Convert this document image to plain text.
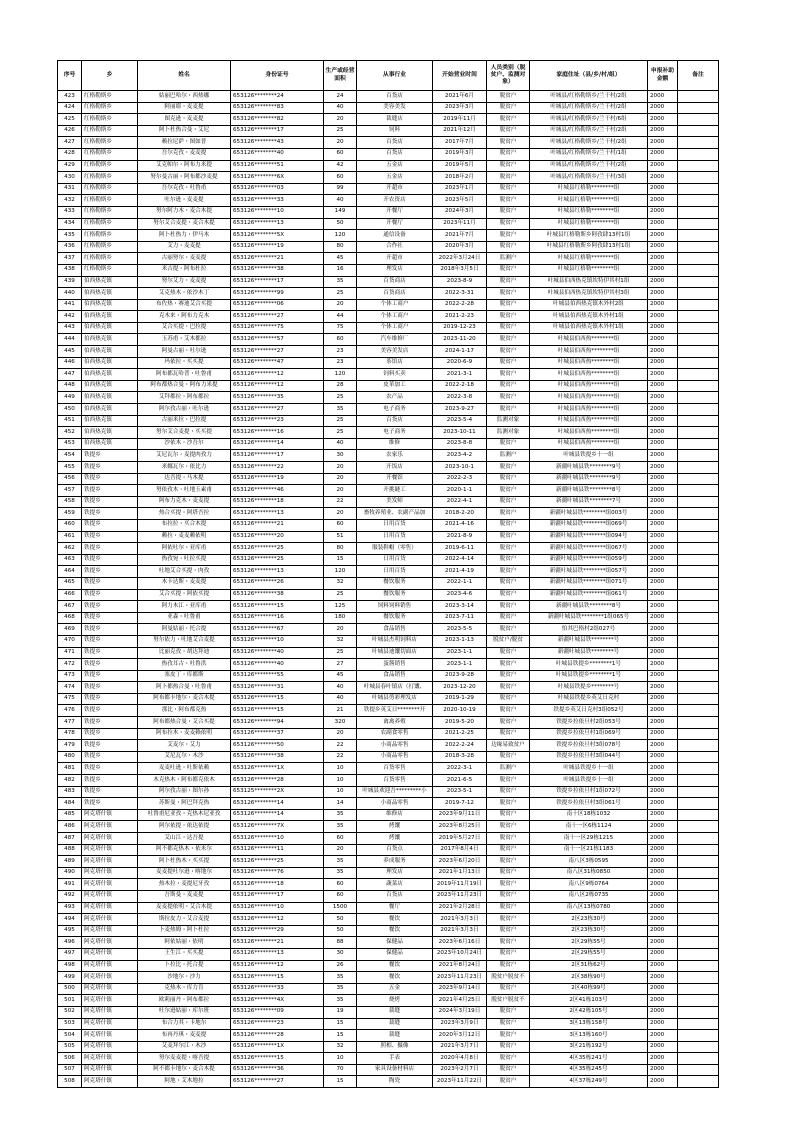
序号	乡	姓名	身份证号	生产或经营面积	从事行业	开始营业时间	人员类别（脱贫户、监测对象）	家庭住址（县/乡/村/组）	申报补助金额	备注
423	红格勒斯乡	姑丽巴哈尔・西热娜	653126********24	24	百货店	2021年6月	脱贫户	叶城县/红格勒斯乡/兰干村/2组	2000	
424	红格勒斯乡	阿丽耶・麦麦提	653126********83	40	美容美发	2023年3月	脱贫户	叶城县/红格勒斯乡/兰干村/2组	2000	
425	红格勒斯乡	图克逊・麦麦提	653126********82	20	裁缝店	2019年11月	脱贫户	叶城县/红格勒斯乡/兰干村/6组	2000	
426	红格勒斯乡	阿卜杜热合曼・艾尼	653126********17	25	饲料	2021年12月	脱贫户	叶城县/红格勒斯乡/兰干村/2组	2000	
427	红格勒斯乡	赖拉尼萨・图如普	653126********43	20	百货店	2017年7月	脱贫户	叶城县/红格勒斯乡/兰干村/2组	2000	
428	红格勒斯乡	吾尔克孜・麦麦提	653126********40	60	百货店	2019年3月	脱贫户	叶城县/红格勒斯乡/兰干村/1组	2000	
429	红格勒斯乡	艾克帕尔・阿布力米提	653126********51	42	五金店	2019年5月	脱贫户	叶城县/红格勒斯乡/兰干村/2组	2000	
430	红格勒斯乡	努尔曼古丽・阿布都沙麦提	653126********6X	60	五金店	2018年2月	脱贫户	叶城县/红格勒斯乡/兰干村/3组	2000	
431	红格勒斯乡	吾尔克孜・吐鲁甫	653126********03	99	开超市	2023年1月	脱贫户	叶城县红格勒********组	2000	
432	红格勒斯乡	吐尔逊・麦麦提	653126********33	40	开农资店	2023年5月	脱贫户	叶城县红格勒********组	2000	
433	红格勒斯乡	努尔阿力木・麦合木提	653126********10	149	开餐厅	2024年3月	脱贫户	叶城县红格勒********组	2000	
434	红格勒斯乡	努尔艾合麦提・麦合木提	653126********13	50	开餐厅	2023年11月	脱贫户	叶城县红格勒********组	2000	
435	红格勒斯乡	阿卜杜热力・伊马木	653126********5X	120	通信设备	2021年7月	脱贫户	叶城县红格勒斯乡阿孜肆13村1组	2000	
436	红格勒斯乡	艾力・麦麦提	653126********19	80	合作社	2020年3月	脱贫户	叶城县红格勒斯乡阿孜肆13村1组	2000	
437	红格勒斯乡	古丽努尔・麦麦提	653126********21	45	开超市	2022年3月24日	监测户	叶城县红格勒********组	2000	
438	红格勒斯乡	米吉提・阿布杜拉	653126********38	16	理发店	2018年3月5日	脱贫户	叶城县红格勒********组	2000	
439	伯西热克镇	努尔艾力・麦麦提	653126********17	35	百货商店	2023-8-9	脱贫户	叶城县伯西热克镇坎特伊其村1组	2000	
440	伯西热克镇	艾克热木・依沙木丁	653126********99	25	百货商店	2022-3-31	脱贫户	叶城县伯西热克镇坎特伊其村3组	2000	
441	伯西热克镇	布佐热・赛迪艾合买提	653126********06	20	个体工商户	2022-2-28	脱贫户	叶城县伯西热克镇木外村2组	2000	
442	伯西热克镇	克木来・阿布力克木	653126********27	44	个体工商户	2021-2-23	脱贫户	叶城县伯西热克镇木外村1组	2000	
443	伯西热克镇	艾合买提・巴拉提	653126********75	75	个体工商户	2019-12-23	脱贫户	叶城县伯西热克镇木外村1组	2000	
444	伯西热克镇	玉苏甫・艾木都拉	653126********57	60	汽车维修厂	2023-11-20	脱贫户	叶城县伯西热********组	2000	
445	伯西热克镇	阿曼古丽・吐尔逊	653126********27	23	美容美发店	2024-1-17	脱贫户	叶城县伯西热********组	2000	
446	伯西热克镇	玛依拉・买买提	653126********47	23	茶馆店	2020-6-9	脱贫户	叶城县伯西热********组	2000	
447	伯西热克镇	阿布都瓦哈普・吐鲁甫	653126********12	120	饲料买卖	2021-3-1	脱贫户	叶城县伯西热********组	2000	
448	伯西热克镇	阿布都热合曼・阿布力米提	653126********12	28	皮革加工	2022-2-18	脱贫户	叶城县伯西热********组	2000	
449	伯西热克镇	艾拜都拉・阿布都拉	653126********35	25	农产品	2022-3-8	脱贫户	叶城县伯西热********组	2000	
450	伯西热克镇	阿尔孜古丽・吐尔逊	653126********27	35	电子商务	2023-9-27	脱贫户	叶城县伯西热********组	2000	
451	伯西热克镇	古丽米拉・巴拉提	653126********23	25	百货店	2023-5-4	监测对象	叶城县伯西热********组	2000	
452	伯西热克镇	努尔艾合麦提・买买提	653126********16	25	电子商务	2023-10-11	监测对象	叶城县伯西热********组	2000	
453	伯西热克镇	沙依木・沙吾尔	653126********14	40	维修	2023-8-8	脱贫户	叶城县伯西热********组	2000	
454	铁提乡	艾尼瓦尔・麦提肉孜力	653126********17	30	农家乐	2023-4-2	监测户	叶城县铁提乡十一组	2000	
455	铁提乡	米娜瓦尔・依比力	653126********22	20	开饭店	2023-10-1	脱贫户	新疆叶城县铁********9号	2000	
456	铁提乡	达吾提・马木提	653126********19	20	开餐馆	2022-2-3	脱贫户	新疆叶城县铁********9号	2000	
457	铁提乡	努依孜木・吐地玉素甫	653126********46	20	开挑縫工	2020-1-1	脱贫户	新疆叶城县铁********8号	2000	
458	铁提乡	阿布力克木・麦麦提	653126********18	22	美发师	2022-4-1	脱贫户	新疆叶城县铁********7号	2000	
459	铁提乡	热合买提・阿塔吾拉	653126********13	20	畜牧养殖业、农副产品加	2018-2-20	脱贫户	新疆叶城县铁********组003号	2000	
460	铁提乡	布拉拉・买合木提	653126********21	60	日用百货	2021-4-16	脱贫户	新疆叶城县铁********组069号	2000	
461	铁提乡	赖拉・麦麦赖依明	653126********20	51	日用百货	2021-8-9	脱贫户	新疆叶城县铁********组094号	2000	
462	铁提乡	阿依吐尔・亚库甫	653126********25	80	服装鞋帽（零售）	2019-6-11	脱贫户	新疆叶城县铁********组067号	2000	
463	铁提乡	热孜宛・吐拉买提	653126********25	15	日用百货	2022-4-14	脱贫户	新疆叶城县铁********组059号	2000	
464	铁提乡	吐地艾合买提・肉孜	653126********13	120	日用百货	2021-4-19	脱贫户	新疆叶城县铁********组057号	2000	
465	铁提乡	木卡达斯・麦麦提	653126********26	32	餐饮服务	2022-1-1	脱贫户	新疆叶城县铁********组071号	2000	
466	铁提乡	艾合买提・阿依买提	653126********38	25	餐饮服务	2023-4-6	脱贫户	新疆叶城县铁********组061号	2000	
467	铁提乡	阿力木江・亚库甫	653126********15	125	饲料饲料销售	2023-3-14	脱贫户	新疆叶城县铁********8号	2000	
468	铁提乡	亚森・吐鲁甫	653126********16	180	餐饮服务	2023-7-11	脱贫户	新疆叶城县铁********1组065号	2000	
469	铁提乡	阿曼姑丽・托合提	653126********67	20	食品销售	2023-5-5	脱贫户	怕其巴格村2组027号	2000	
470	铁提乡	努尔依力・吐地艾合麦提	653126********10	32	叶城县杰明饲料店	2023-1-13	脱贫户/脱贫	新疆叶城县铁********号	2000	
471	铁提乡	比丽克孜・胡达拜迪	653126********40	25	叶城县迪馕切面店	2023-1-1	脱贫户	新疆叶城县铁********号	2000	
472	铁提乡	热孜耳古・吐鲁洪	653126********40	27	蛋酱销售	2023-1-1	脱贫户	叶城县铁提乡********1号	2000	
473	铁提乡	塞皮丁・库都斯	653126********55	45	食品销售	2023-9-28	脱贫户	叶城县铁提乡********1号	2000	
474	铁提乡	阿卜都热合曼・吐鲁甫	653126********31	40	叶城县春叶镇店（打馕、	2023-12-20	脱贫户	叶城县铁提乡********号	2000	
475	铁提乡	阿布都卡地尔・麦合木提	653126********15	40	叶城县剪彩理发店	2019-1-29	脱贫户	叶城县铁提乡英艾日克村	2000	
476	铁提乡	那比・阿布都克热	653126********15	21	铁提乡英艾日********开	2020-10-19	脱贫户	铁提乡英艾日克村3组052号	2000	
477	铁提乡	阿布都热合曼・艾合买提	653126********94	320	禽禽养殖	2019-5-20	脱贫户	铁提乡拉依旦村2组053号	2000	
478	铁提乡	阿布拉木・麦麦赖依明	653126********37	20	农副食零售	2021-2-25	脱贫户	铁提乡拉依旦村1组069号	2000	
479	铁提乡	艾麦尔・艾力	653126********50	22	小商品零售	2022-2-24	边缘易致贫户	铁提乡拉依旦村3组078号	2000	
480	铁提乡	艾尼瓦尔・木沙	653126********38	22	小商品零售	2018-3-28	脱贫户	铁提乡拉依旦村3组044号	2000	
481	铁提乡	麦麦吐逊・吐斯依赖	653126********1X	10	百货零售	2022-3-1	监测户	叶城县铁提乡十一组	2000	
482	铁提乡	木克热木・阿布都克依木	653126********28	10	百货零售	2021-6-5	脱贫户	叶城县铁提乡十一组	2000	
483	铁提乡	阿尔孜古丽・图尔孙	653125********2X	10	叶城县欢迎吾*********小	2023-5-1	脱贫户	铁提乡拉依旦村1组072号	2000	
484	铁提乡	苏斯曼・阿巴拜克热	653126********14	14	小商品零售	2019-7-12	脱贫户	铁提乡拉依旦村3组061号	2000	
485	阿克塔什镇	吐鲁甫尼亚孜・克热木尼亚孜	653126********14	35	维修店	2023年9月11日	脱贫户	南十区18栋1032	2000	
486	阿克塔什镇	阿尔依提・依达依提	653126********7X	35	烤馕	2023年8月25日	脱贫户	南十一区6栋1124	2000	
487	阿克塔什镇	艾山江・达吾提	653126********10	60	烤馕	2019年5月27日	脱贫户	南十一区29栋1215	2000	
488	阿克塔什镇	阿不都克热木・依米尔	653126********11	20	百货点	2017年8月4日	脱贫户	南十一区21栋1183	2000	
489	阿克塔什镇	阿卜杜热木・买买提	653126********25	35	养成服务	2023年6月20日	脱贫户	南八区3栋0595	2000	
490	阿克塔什镇	麦麦提吐尔逊・喀地尔	653126********76	35	理发店	2021年1月13日	脱贫户	南八区31栋0850	2000	
491	阿克塔什镇	热木拉・麦提尼牙孜	653126********18	60	蔬菜店	2019年11月19日	脱贫户	南八区9栋0764	2000	
492	阿克塔什镇	吾斯曼・麦麦提	653126********17	60	百货店	2023年11月23日	脱贫户	南八区2栋0735	2000	
493	阿克塔什镇	麦麦提依明・艾合木提	653126********10	1500	餐厅	2021年2月28日	脱贫户	南八区13栋0780	2000	
494	阿克塔什镇	斯拉皮力・艾合麦提	653126********12	50	餐饮	2021年3月3日	脱贫户	2区23栋30号	2000	
495	阿克塔什镇	卜麦热姆・阿卜杜拉	653126********29	50	餐饮	2021年3月3日	脱贫户	2区23栋30号	2000	
496	阿克塔什镇	阿依姑丽・依明	653126********21	88	保健品	2023年6月16日	脱贫户	2区29栋55号	2000	
497	阿克塔什镇	王生江・买买提	653126********13	30	保健品	2023年10月24日	脱贫户	2区29栋55号	2000	
498	阿克塔什镇	卜拉比・托合提	653126********12	26	餐饮	2021年8月24日	脱贫户	2区31栋62号	2000	
499	阿克塔什镇	沙地尔・沙力	653126********15	35	餐饮	2023年11月23日	脱贫户脱贫不	2区38栋90号	2000	
500	阿克塔什镇	克热木・库力肯	653126********33	35	五金	2023年9月14日	脱贫户	2区40栋99号	2000	
501	阿克塔什镇	欧莉丽丹・阿布都拉	653126********4X	35	烧烤	2021年4月25日	脱贫户脱贫不	2区41栋103号	2000	
502	阿克塔什镇	吐尔逊姑丽・库尔班	653126********09	19	裁缝	2024年3月19日	脱贫户	2区42栋105号	2000	
503	阿克塔什镇	布合力其・卡地尔	653126********23	15	裁缝	2023年3月9日	脱贫户	3区13栋158号	2000	
504	阿克塔什镇	布再丹琪・麦麦提	653126********28	15	裁缝	2020年3月12日	脱贫户	3区13栋160号	2000	
505	阿克塔什镇	艾麦拜尔江・木沙	653126********1X	32	照相、摄像	2021年3月7日	脱贫户	3区21栋192号	2000	
506	阿克塔什镇	努尔麦麦提・喀吾提	653126********15	10	手表	2020年4月8日	脱贫户	4区35栋241号	2000	
507	阿克塔什镇	阿不都卡地尔・麦合木提	653126********36	70	家具设备材料店	2023年2月7日	脱贫户	4区35栋245号	2000	
508	阿克塔什镇	阿地・艾木地拉	653126********27	15	陶瓷	2023年11月22日	脱贫户	4区37栋249号	2000	
